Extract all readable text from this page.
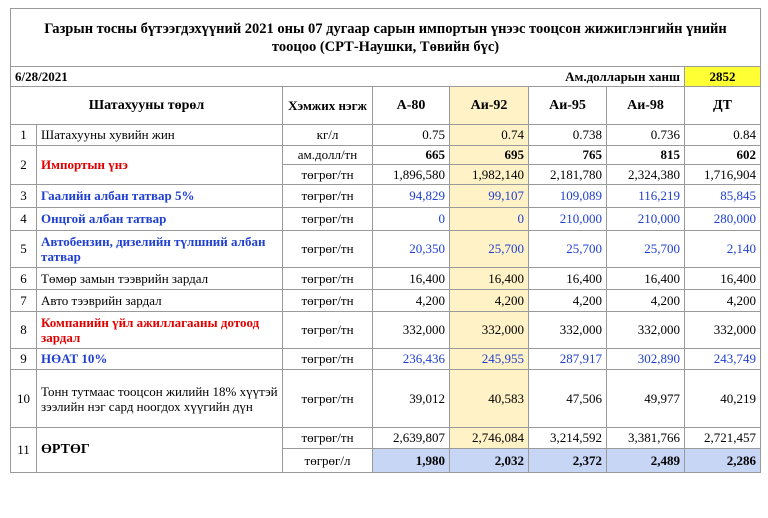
Газрын тосны бүтээгдэхүүний 2021 оны 07 дугаар сарын импортын үнээс тооцсон жижиглэнгийн үнийн тооцоо (СРТ-Наушки, Төвийн бүс)							
6/28/2021		Ам.долларын ханш					2852
Шатахууны төрөл		Хэмжих нэгж	А-80	Аи-92	Аи-95	Аи-98	ДТ
1	Шатахууны хувийн жин	кг/л	0.75	0.74	0.738	0.736	0.84
2	Импортын үнэ	ам.долл/тн	665	695	765	815	602
		төгрөг/тн	1,896,580	1,982,140	2,181,780	2,324,380	1,716,904
3	Гаалийн албан татвар 5%	төгрөг/тн	94,829	99,107	109,089	116,219	85,845
4	Онцгой албан татвар	төгрөг/тн	0	0	210,000	210,000	280,000
5	Автобензин, дизелийн түлшний албан татвар	төгрөг/тн	20,350	25,700	25,700	25,700	2,140
6	Төмөр замын тээврийн зардал	төгрөг/тн	16,400	16,400	16,400	16,400	16,400
7	Авто тээврийн зардал	төгрөг/тн	4,200	4,200	4,200	4,200	4,200
8	Компанийн үйл ажиллагааны дотоод зардал	төгрөг/тн	332,000	332,000	332,000	332,000	332,000
9	НӨАТ 10%	төгрөг/тн	236,436	245,955	287,917	302,890	243,749
10	Тонн тутмаас тооцсон жилийн 18% хүүтэй зээлийн нэг сард ноогдох хүүгийн дүн	төгрөг/тн	39,012	40,583	47,506	49,977	40,219
11	ӨРТӨГ	төгрөг/тн	2,639,807	2,746,084	3,214,592	3,381,766	2,721,457
		төгрөг/л	1,980	2,032	2,372	2,489	2,286
